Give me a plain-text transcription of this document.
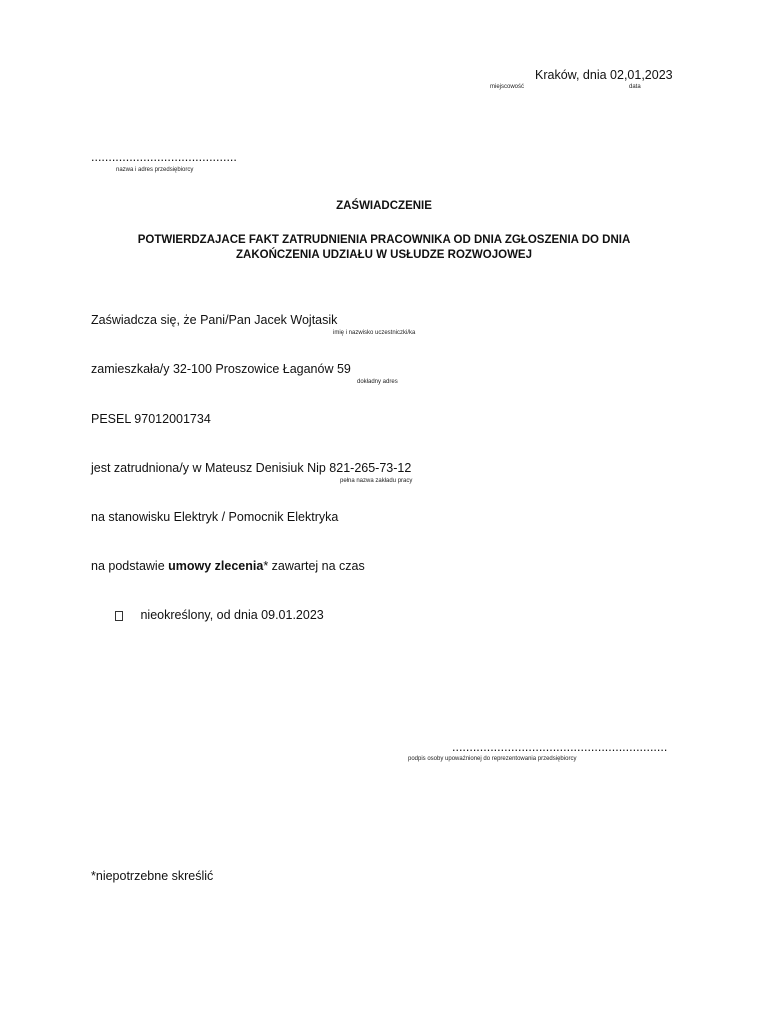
Kraków, dnia 02,01,2023
miejscowość	data
..........................................
nazwa i adres przedsiębiorcy
ZAŚWIADCZENIE
POTWIERDZAJACE FAKT ZATRUDNIENIA PRACOWNIKA OD DNIA ZGŁOSZENIA DO DNIA
ZAKOŃCZENIA UDZIAŁU W USŁUDZE ROZWOJOWEJ
Zaświadcza się, że Pani/Pan Jacek Wojtasik
imię i nazwisko uczestniczki/ka
zamieszkała/y 32-100 Proszowice Łaganów 59
dokładny adres
PESEL 97012001734
jest zatrudniona/y w Mateusz Denisiuk Nip 821-265-73-12
pełna nazwa zakładu pracy
na stanowisku Elektryk / Pomocnik Elektryka
na podstawie umowy zlecenia* zawartej na czas
nieokreślony, od dnia 09.01.2023
..............................................................
podpis osoby upoważnionej do reprezentowania przedsiębiorcy
*niepotrzebne skreślić
